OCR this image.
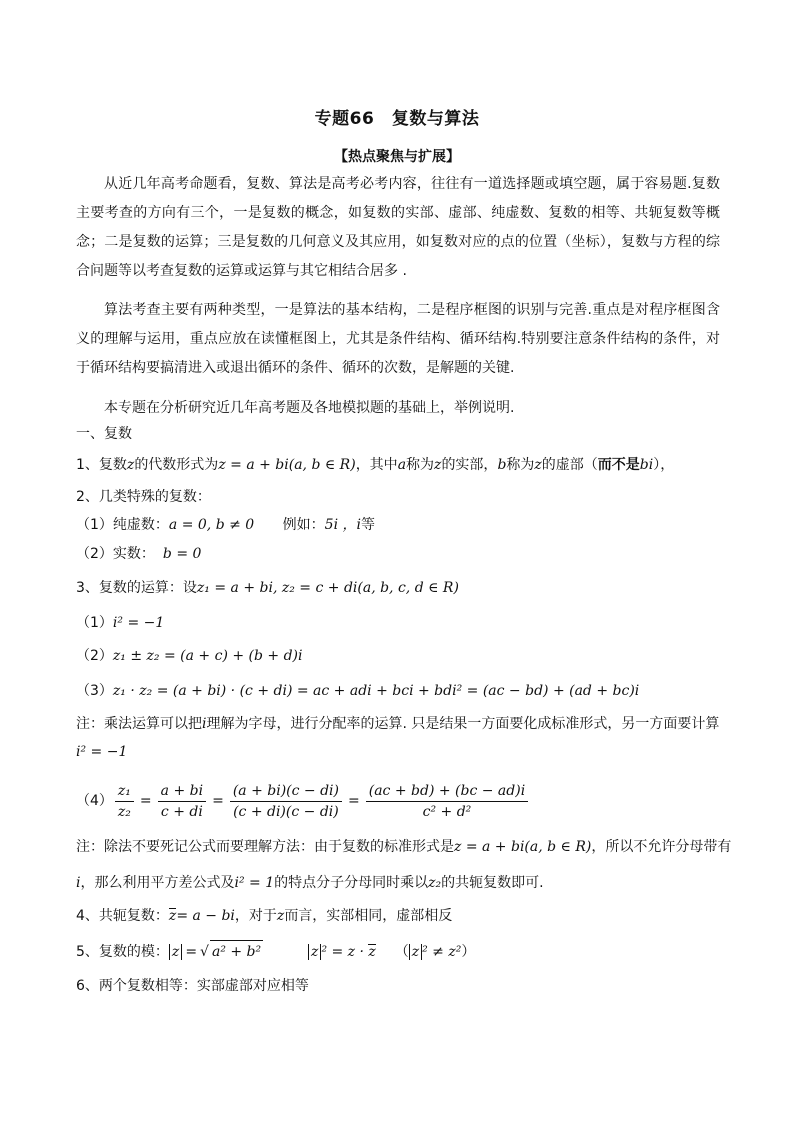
专题66　复数与算法
【热点聚焦与扩展】
从近几年高考命题看，复数、算法是高考必考内容，往往有一道选择题或填空题，属于容易题.复数主要考查的方向有三个，一是复数的概念，如复数的实部、虚部、纯虚数、复数的相等、共轭复数等概念；二是复数的运算；三是复数的几何意义及其应用，如复数对应的点的位置（坐标），复数与方程的综合问题等以考查复数的运算或运算与其它相结合居多 .
算法考查主要有两种类型，一是算法的基本结构，二是程序框图的识别与完善.重点是对程序框图含义的理解与运用，重点应放在读懂框图上，尤其是条件结构、循环结构.特别要注意条件结构的条件，对于循环结构要搞清进入或退出循环的条件、循环的次数，是解题的关键.
本专题在分析研究近几年高考题及各地模拟题的基础上，举例说明.
一、复数
1、复数z的代数形式为z = a + bi(a, b ∈ R)，其中a称为z的实部，b称为z的虚部（而不是bi），
2、几类特殊的复数：
（1）纯虚数：a = 0, b ≠ 0 例如：5i ，i等
（2）实数： b = 0
3、复数的运算：设z₁ = a + bi, z₂ = c + di(a, b, c, d ∈ R)
（1）i² = −1
（2）z₁ ± z₂ = (a + c) + (b + d)i
（3）z₁ · z₂ = (a + bi) · (c + di) = ac + adi + bci + bdi² = (ac − bd) + (ad + bc)i
注：乘法运算可以把i理解为字母，进行分配率的运算. 只是结果一方面要化成标准形式，另一方面要计算
i² = −1
$(4) \frac{\text{z₁}}{\text{z₂}} = \frac{a + bi}{c + di} = \frac{(a + bi)(c - di)}{(c + di)(c - di)} = \frac{(ac + bd) + (bc - ad)i}{\text{c² + d²}}$
注：除法不要死记公式而要理解方法：由于复数的标准形式是z = a + bi(a, b ∈ R)，所以不允许分母带有
i，那么利用平方差公式及i² = 1的特点分子分母同时乘以z₂的共轭复数即可.
4、共轭复数：z= a − bi，对于z而言，实部相同，虚部相反
5、复数的模： z = √ a² + b²	z ² = z · z （ z ² ≠ z²）
6、两个复数相等：实部虚部对应相等
